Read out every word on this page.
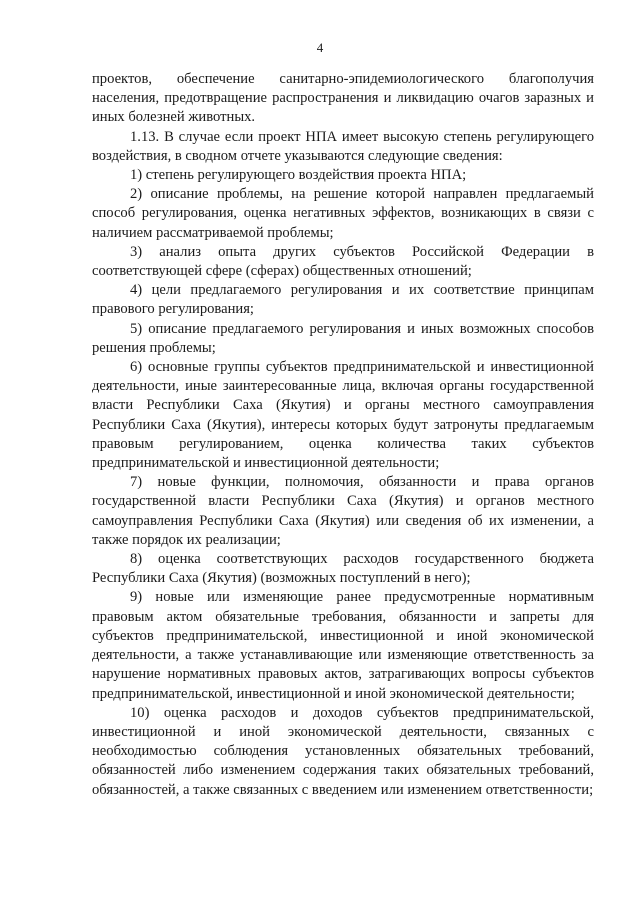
4

проектов, обеспечение санитарно-эпидемиологического благополучия населения, предотвращение распространения и ликвидацию очагов заразных и иных болезней животных.

1.13. В случае если проект НПА имеет высокую степень регулирующего воздействия, в сводном отчете указываются следующие сведения:

1) степень регулирующего воздействия проекта НПА;

2) описание проблемы, на решение которой направлен предлагаемый способ регулирования, оценка негативных эффектов, возникающих в связи с наличием рассматриваемой проблемы;

3) анализ опыта других субъектов Российской Федерации в соответствующей сфере (сферах) общественных отношений;

4) цели предлагаемого регулирования и их соответствие принципам правового регулирования;

5) описание предлагаемого регулирования и иных возможных способов решения проблемы;

6) основные группы субъектов предпринимательской и инвестиционной деятельности, иные заинтересованные лица, включая органы государственной власти Республики Саха (Якутия) и органы местного самоуправления Республики Саха (Якутия), интересы которых будут затронуты предлагаемым правовым регулированием, оценка количества таких субъектов предпринимательской и инвестиционной деятельности;

7) новые функции, полномочия, обязанности и права органов государственной власти Республики Саха (Якутия) и органов местного самоуправления Республики Саха (Якутия) или сведения об их изменении, а также порядок их реализации;

8) оценка соответствующих расходов государственного бюджета Республики Саха (Якутия) (возможных поступлений в него);

9) новые или изменяющие ранее предусмотренные нормативным правовым актом обязательные требования, обязанности и запреты для субъектов предпринимательской, инвестиционной и иной экономической деятельности, а также устанавливающие или изменяющие ответственность за нарушение нормативных правовых актов, затрагивающих вопросы субъектов предпринимательской, инвестиционной и иной экономической деятельности;

10) оценка расходов и доходов субъектов предпринимательской, инвестиционной и иной экономической деятельности, связанных с необходимостью соблюдения установленных обязательных требований, обязанностей либо изменением содержания таких обязательных требований, обязанностей, а также связанных с введением или изменением ответственности;
